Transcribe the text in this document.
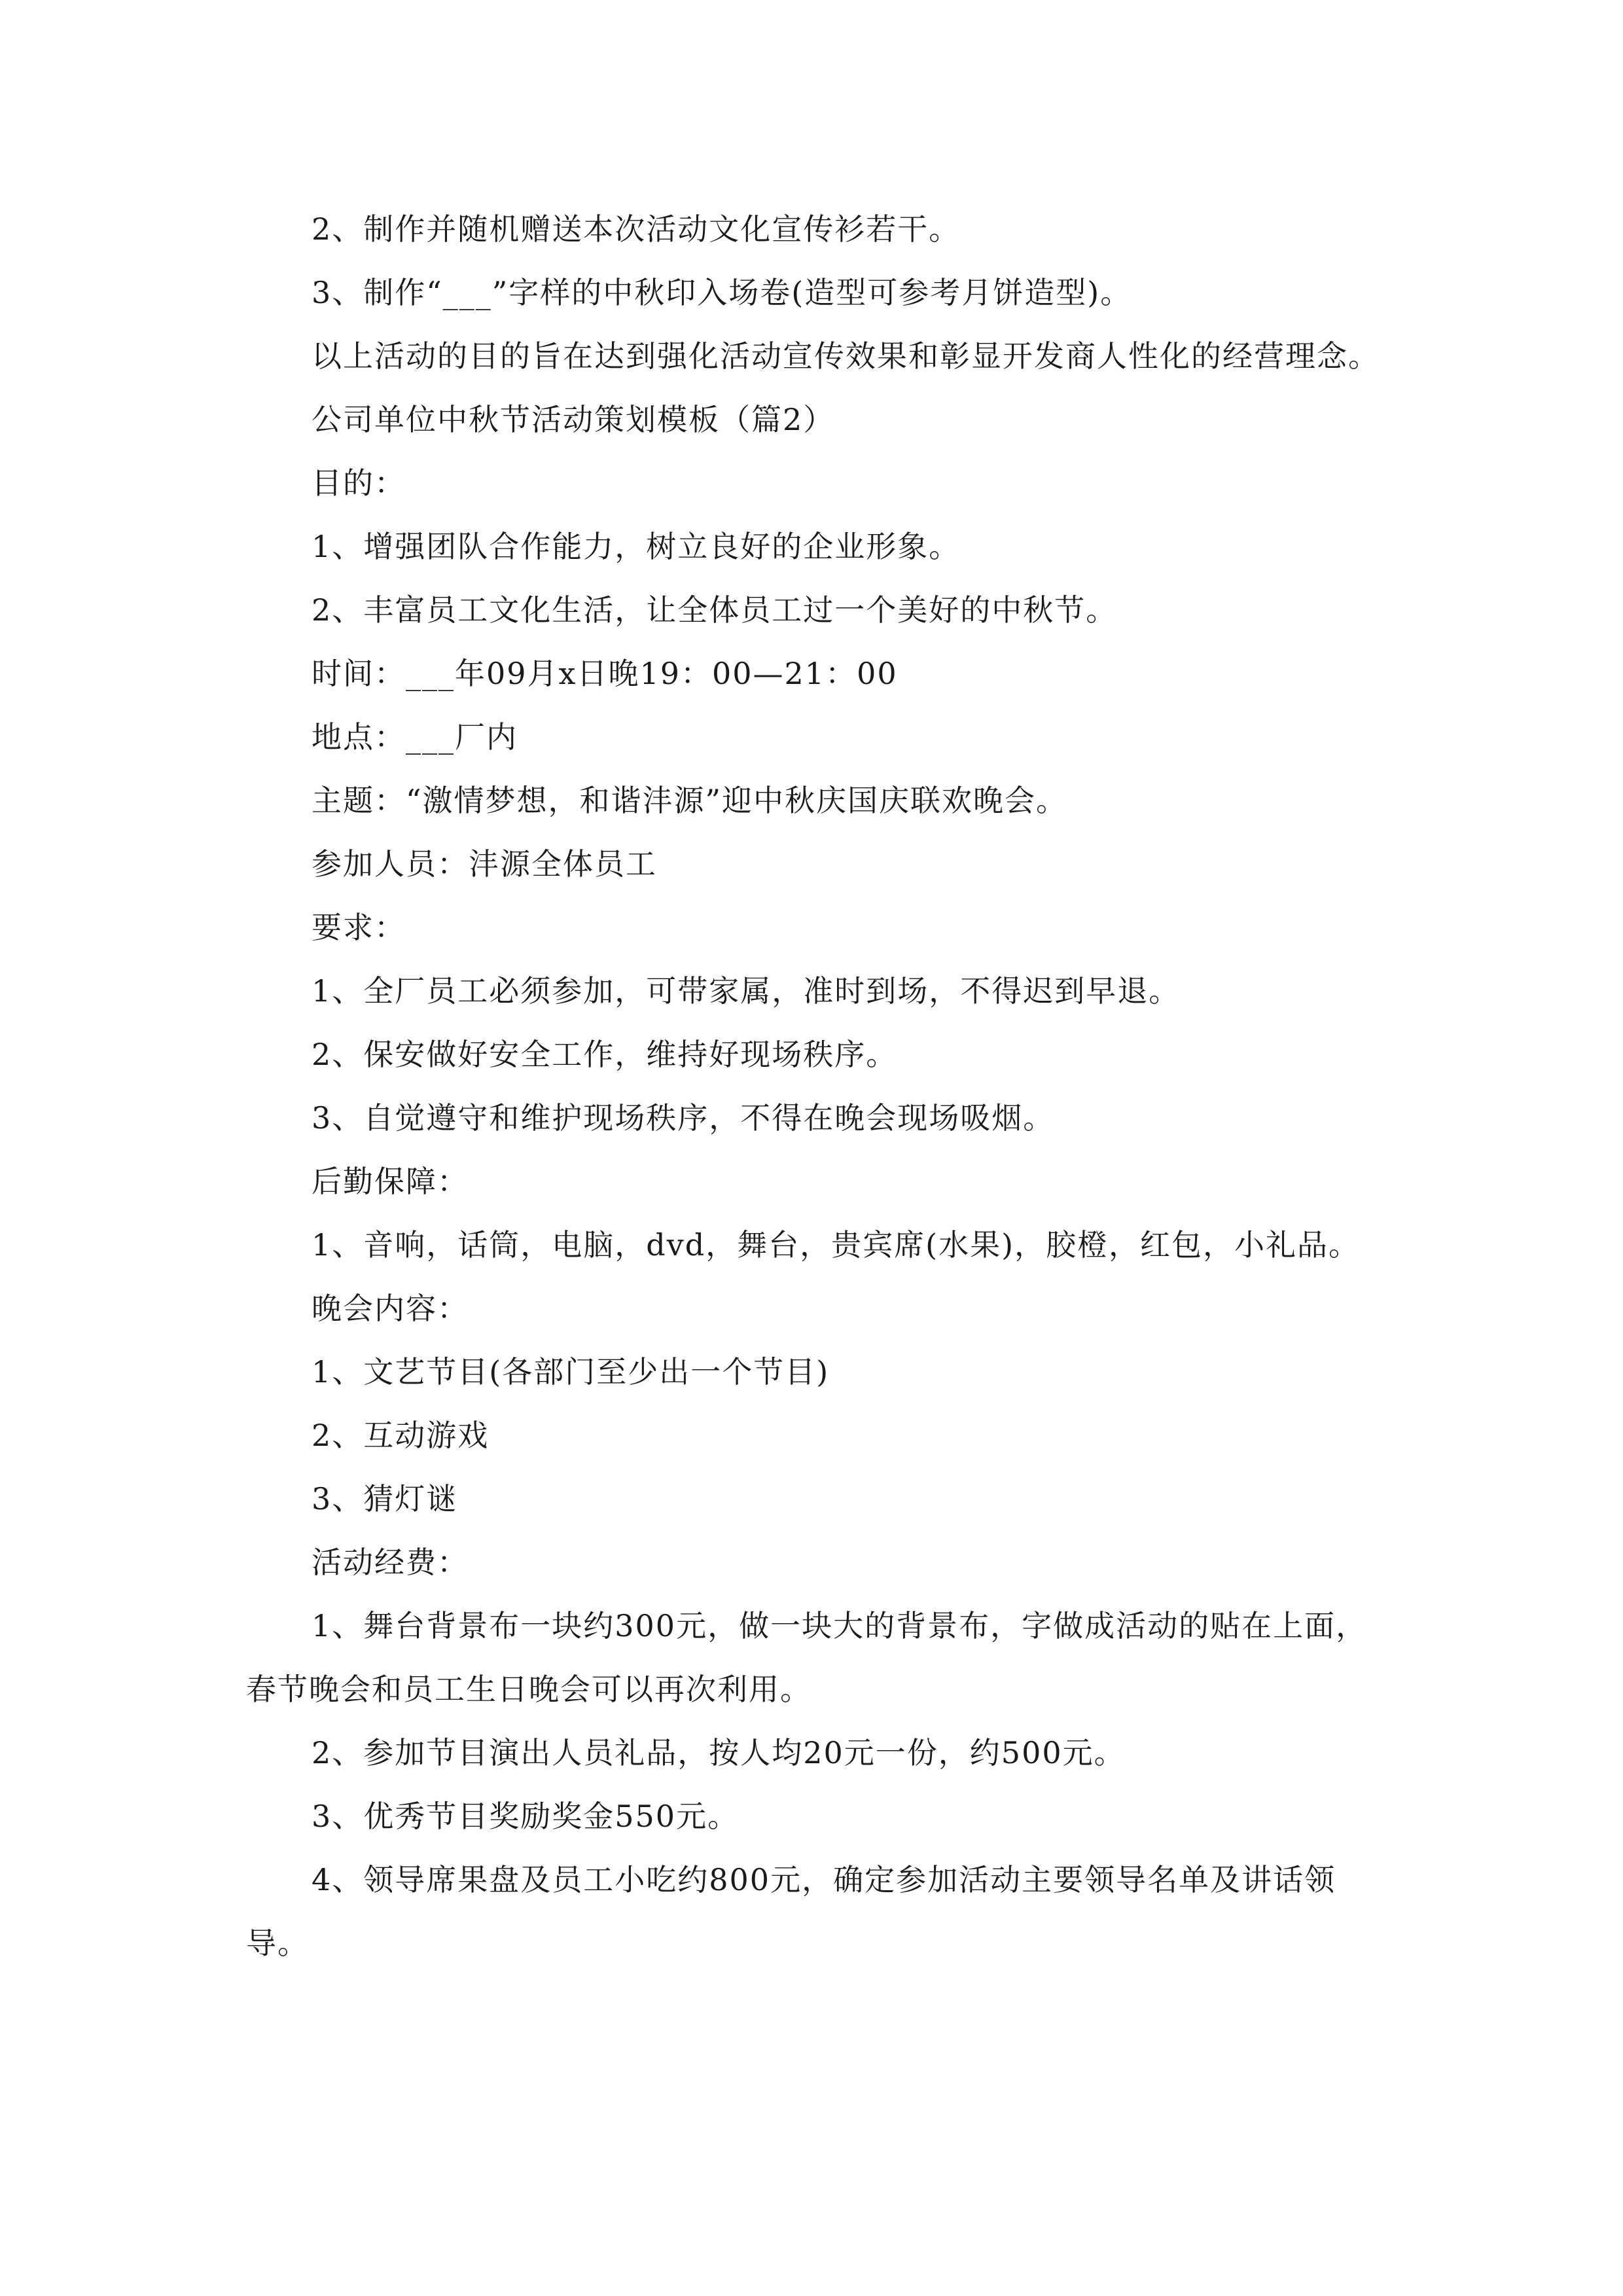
2、制作并随机赠送本次活动文化宣传衫若干。

3、制作“___”字样的中秋印入场卷(造型可参考月饼造型)。

以上活动的目的旨在达到强化活动宣传效果和彰显开发商人性化的经营理念。

公司单位中秋节活动策划模板（篇2）

目的：

1、增强团队合作能力，树立良好的企业形象。

2、丰富员工文化生活，让全体员工过一个美好的中秋节。

时间：___年09月x日晚19：00—21：00

地点：___厂内

主题：“激情梦想，和谐沣源”迎中秋庆国庆联欢晚会。

参加人员：沣源全体员工

要求：

1、全厂员工必须参加，可带家属，准时到场，不得迟到早退。

2、保安做好安全工作，维持好现场秩序。

3、自觉遵守和维护现场秩序，不得在晚会现场吸烟。

后勤保障：

1、音响，话筒，电脑，dvd，舞台，贵宾席(水果)，胶橙，红包，小礼品。

晚会内容：

1、文艺节目(各部门至少出一个节目)

2、互动游戏

3、猜灯谜

活动经费：

1、舞台背景布一块约300元，做一块大的背景布，字做成活动的贴在上面，春节晚会和员工生日晚会可以再次利用。

2、参加节目演出人员礼品，按人均20元一份，约500元。

3、优秀节目奖励奖金550元。

4、领导席果盘及员工小吃约800元，确定参加活动主要领导名单及讲话领导。
